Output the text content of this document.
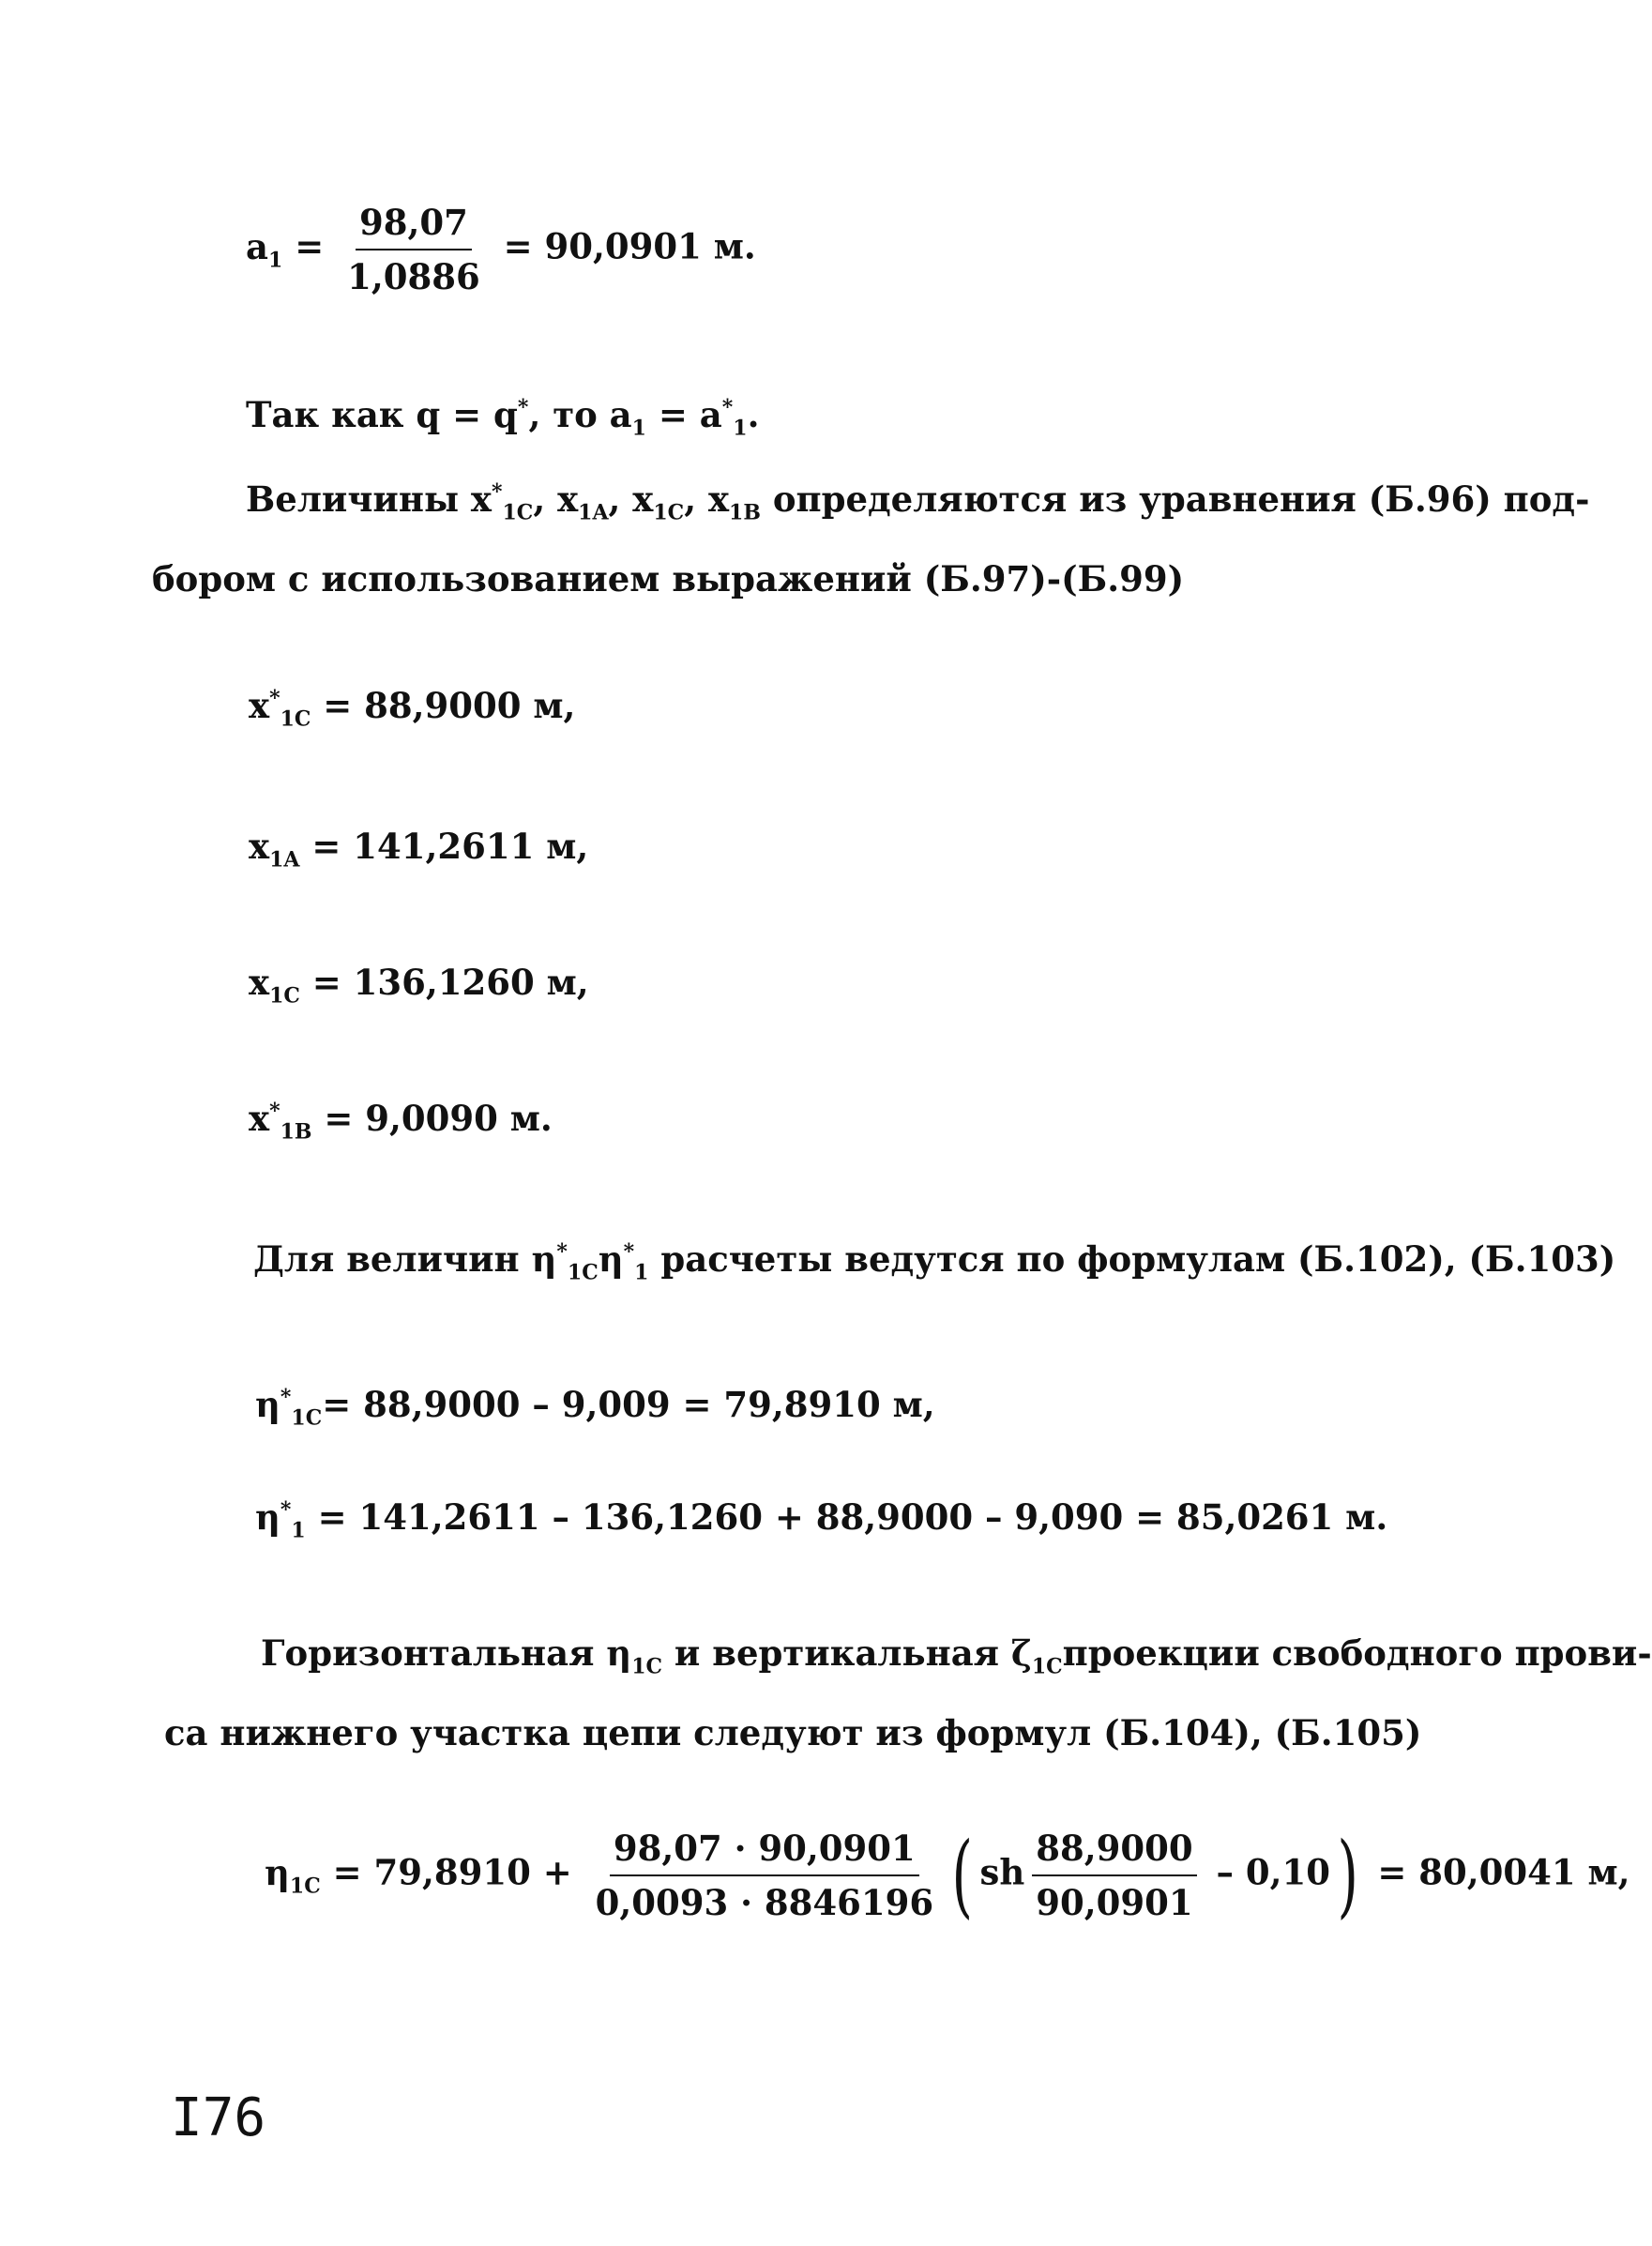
$a_1 = \frac{98,07}{1,0886} = 90,0901$ м.
Так как q = q*, то $a_1 = a^*_1$.
Величины $x^*_{1C}$, $x_{1A}$, $x_{1C}$, $x_{1B}$ определяются из уравнения (Б.96) под-
бором с использованием выражений (Б.97)-(Б.99)
$x^*_{1C} = 88,9000$ м,
$x_{1A} = 141,2611$ м,
$x_{1C} = 136,1260$ м,
$x^*_{1B} = 9,0090$ м.
Для величин $\eta^*_{1C}\eta^*_1$ расчеты ведутся по формулам (Б.102), (Б.103)
$\eta^*_{1C}= 88,9000 - 9,009 = 79,8910$ м,
$\eta^*_1 = 141,2611 - 136,1260 + 88,9000 - 9,090 = 85,0261$ м.
Горизонтальная $\eta_{1C}$ и вертикальная $\zeta_{1C}проекции$ свободного прови-
са нижнего участка цепи следуют из формул (Б.104), (Б.105)
$\eta_{1C} = 79,8910 + \frac{98,07 \cdot 90,0901}{0,0093 \cdot 8846196}$ ( sh $\frac{88,9000}{90,0901} - 0,10) = 80,0041$ м,
I76
